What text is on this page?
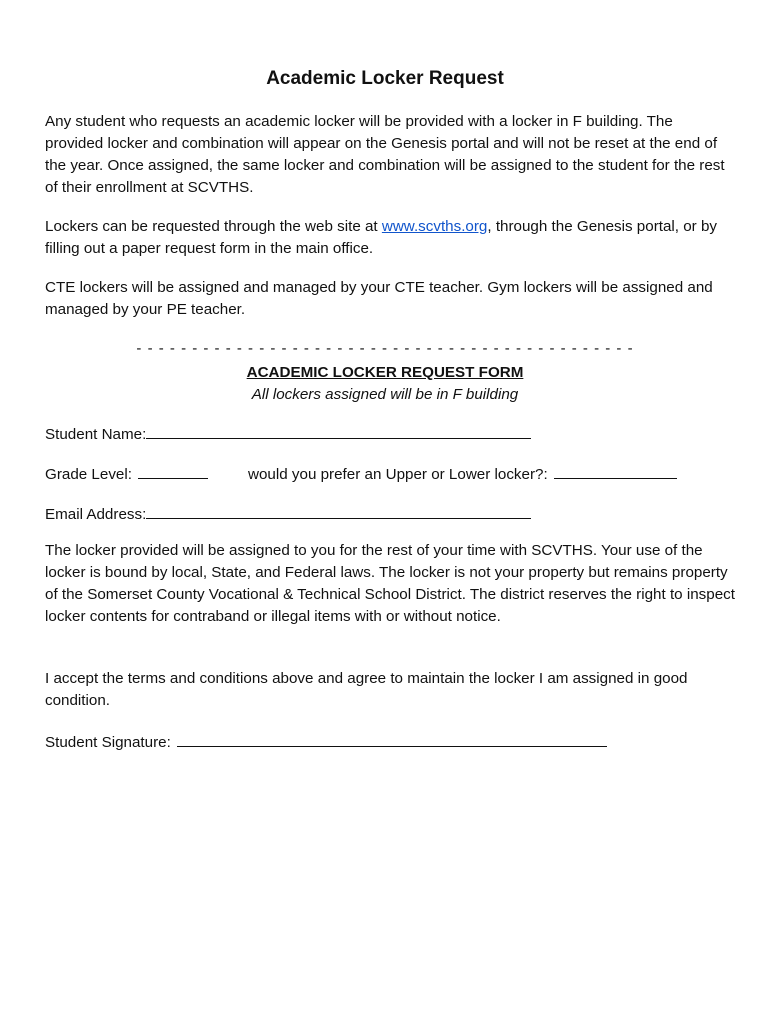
Academic Locker Request

Any student who requests an academic locker will be provided with a locker in F building. The provided locker and combination will appear on the Genesis portal and will not be reset at the end of the year. Once assigned, the same locker and combination will be assigned to the student for the rest of their enrollment at SCVTHS.

Lockers can be requested through the web site at www.scvths.org, through the Genesis portal, or by filling out a paper request form in the main office.

CTE lockers will be assigned and managed by your CTE teacher. Gym lockers will be assigned and managed by your PE teacher.

- - - - - - - - - - - - - - - - - - - - - - - - - - - - - - - - - - - - - - - - - - - - -
ACADEMIC LOCKER REQUEST FORM
All lockers assigned will be in F building
Student Name:
Grade Level:	would you prefer an Upper or Lower locker?:
Email Address:

The locker provided will be assigned to you for the rest of your time with SCVTHS. Your use of the locker is bound by local, State, and Federal laws. The locker is not your property but remains property of the Somerset County Vocational & Technical School District. The district reserves the right to inspect locker contents for contraband or illegal items with or without notice.

I accept the terms and conditions above and agree to maintain the locker I am assigned in good condition.

Student Signature:
